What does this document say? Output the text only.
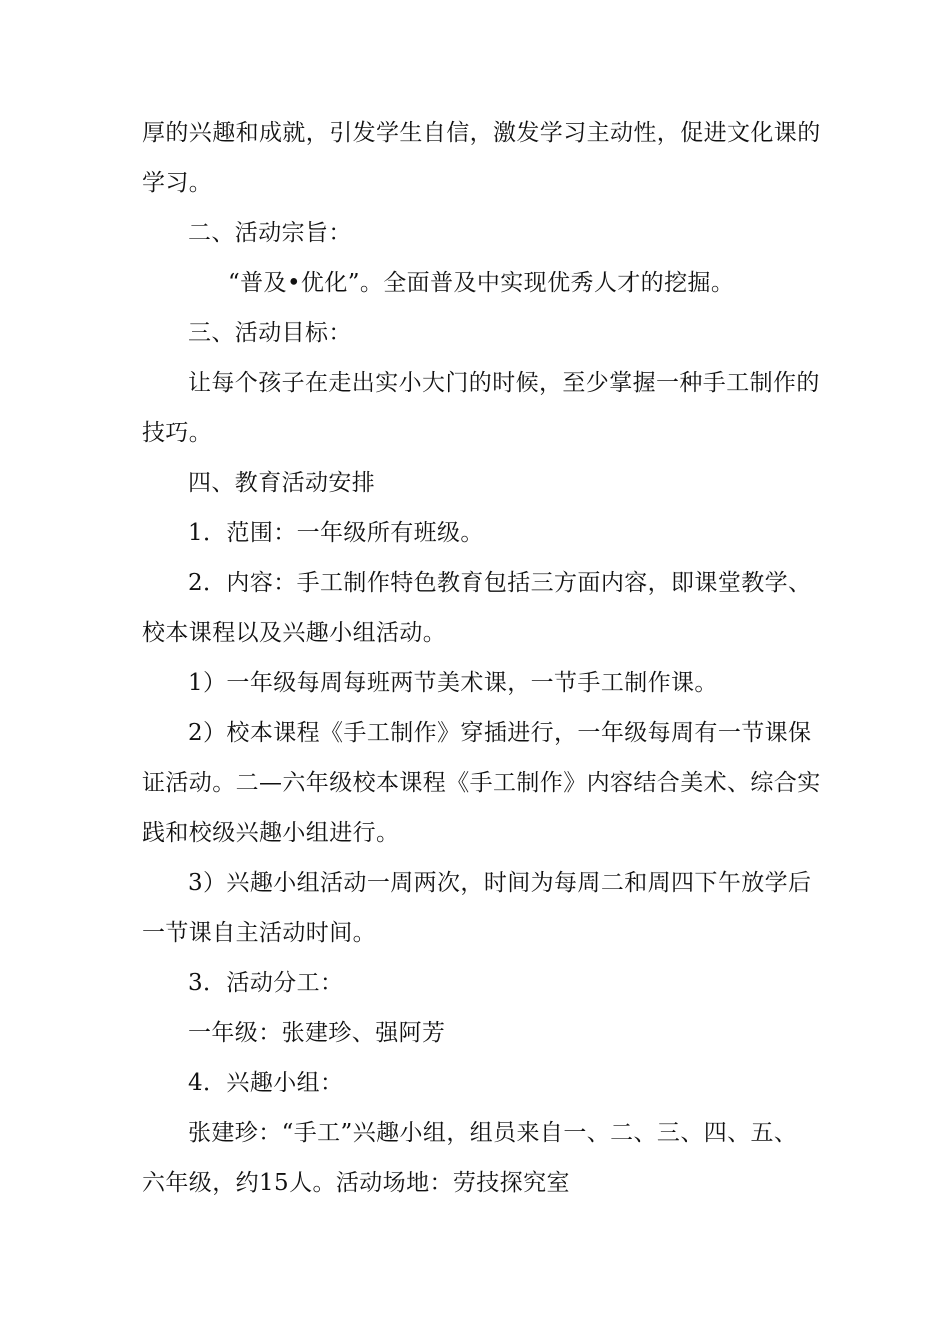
厚的兴趣和成就，引发学生自信，激发学习主动性，促进文化课的
学习。
二、活动宗旨：
“普及•优化”。全面普及中实现优秀人才的挖掘。
三、活动目标：
让每个孩子在走出实小大门的时候，至少掌握一种手工制作的
技巧。
四、教育活动安排
1．范围：一年级所有班级。
2．内容：手工制作特色教育包括三方面内容，即课堂教学、
校本课程以及兴趣小组活动。
1）一年级每周每班两节美术课，一节手工制作课。
2）校本课程《手工制作》穿插进行，一年级每周有一节课保
证活动。二—六年级校本课程《手工制作》内容结合美术、综合实
践和校级兴趣小组进行。
3）兴趣小组活动一周两次，时间为每周二和周四下午放学后
一节课自主活动时间。
3．活动分工：
一年级：张建珍、强阿芳
4．兴趣小组：
张建珍：“手工”兴趣小组，组员来自一、二、三、四、五、
六年级，约15人。活动场地：劳技探究室
